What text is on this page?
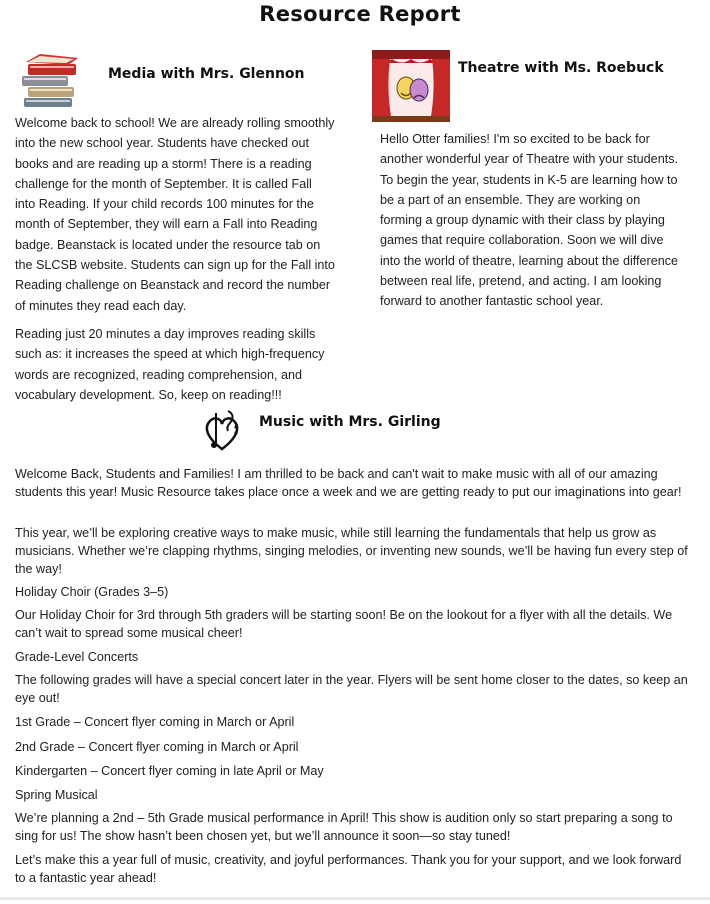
Resource Report
Media with Mrs. Glennon

Welcome back to school! We are already rolling smoothly into the new school year. Students have checked out books and are reading up a storm! There is a reading challenge for the month of September. It is called Fall into Reading. If your child records 100 minutes for the month of September, they will earn a Fall into Reading badge. Beanstack is located under the resource tab on the SLCSB website. Students can sign up for the Fall into Reading challenge on Beanstack and record the number of minutes they read each day.

Reading just 20 minutes a day improves reading skills such as: it increases the speed at which high-frequency words are recognized, reading comprehension, and vocabulary development. So, keep on reading!!!

Theatre with Ms. Roebuck

Hello Otter families! I'm so excited to be back for another wonderful year of Theatre with your students. To begin the year, students in K-5 are learning how to be a part of an ensemble. They are working on forming a group dynamic with their class by playing games that require collaboration. Soon we will dive into the world of theatre, learning about the difference between real life, pretend, and acting. I am looking forward to another fantastic school year.

Music with Mrs. Girling

Welcome Back, Students and Families! I am thrilled to be back and can't wait to make music with all of our amazing students this year! Music Resource takes place once a week and we are getting ready to put our imaginations into gear!

This year, we’ll be exploring creative ways to make music, while still learning the fundamentals that help us grow as musicians. Whether we’re clapping rhythms, singing melodies, or inventing new sounds, we’ll be having fun every step of the way!

Holiday Choir (Grades 3–5)

Our Holiday Choir for 3rd through 5th graders will be starting soon! Be on the lookout for a flyer with all the details. We can’t wait to spread some musical cheer!

Grade-Level Concerts

The following grades will have a special concert later in the year. Flyers will be sent home closer to the dates, so keep an eye out!

1st Grade – Concert flyer coming in March or April

2nd Grade – Concert flyer coming in March or April

Kindergarten – Concert flyer coming in late April or May

Spring Musical

We’re planning a 2nd – 5th Grade musical performance in April! This show is audition only so start preparing a song to sing for us! The show hasn’t been chosen yet, but we’ll announce it soon—so stay tuned!

Let’s make this a year full of music, creativity, and joyful performances. Thank you for your support, and we look forward to a fantastic year ahead!
